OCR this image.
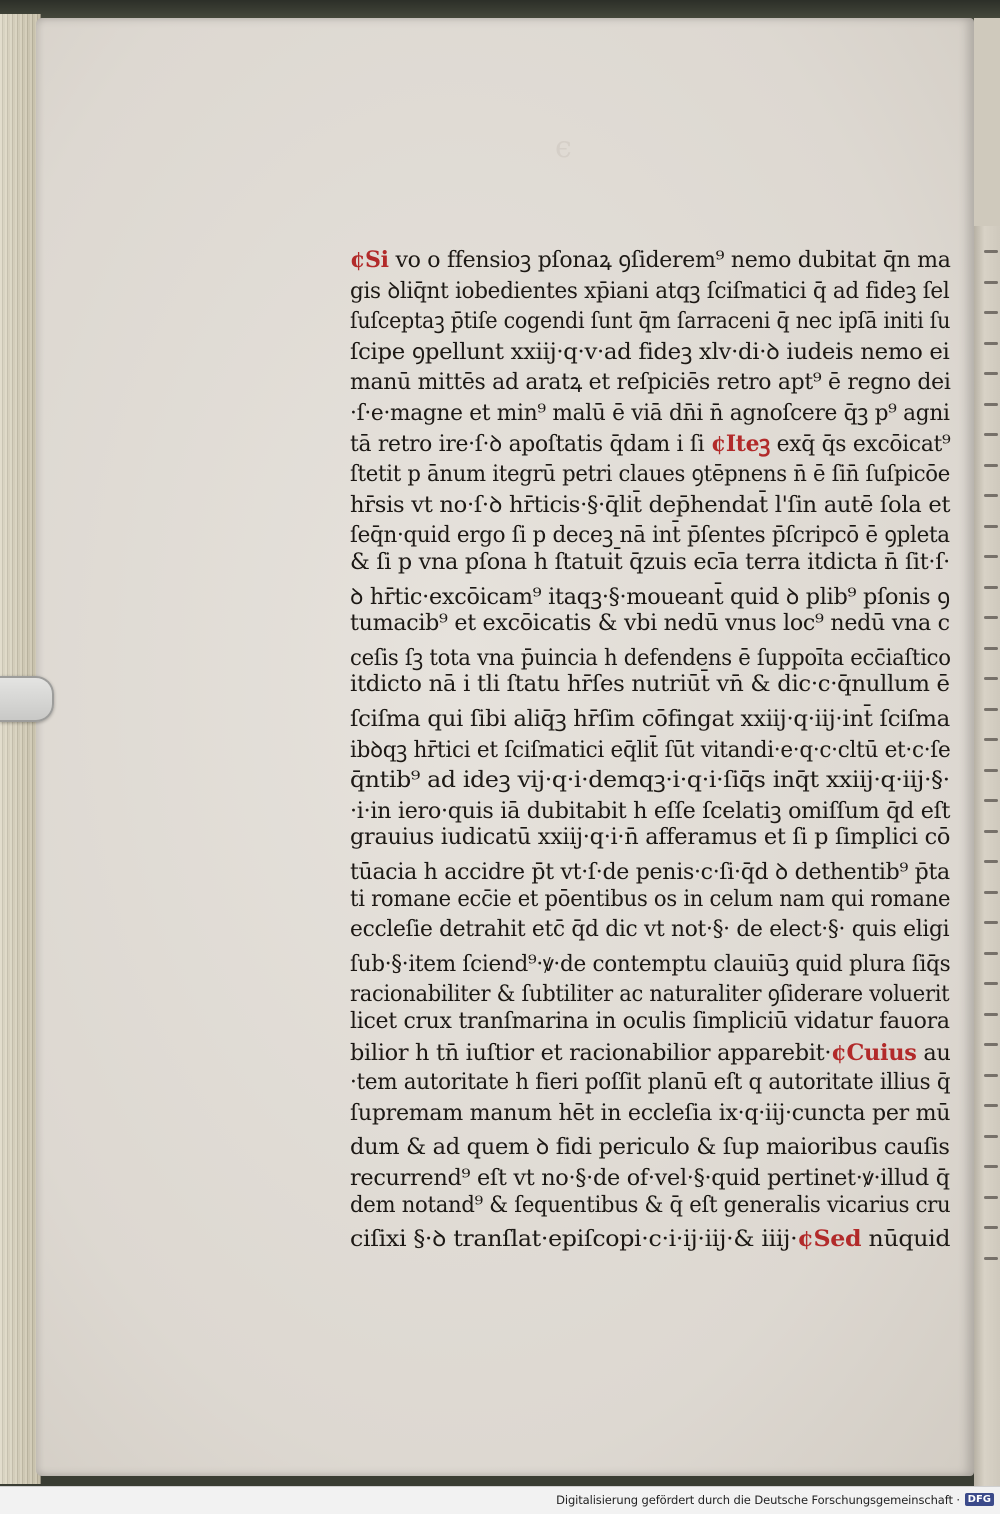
ϵ
¢Si vo o ffensioꝫ pſonaꝝ ꝯſiderem⁹ nemo dubitat q̄n ma
gis ꝺliq̄nt iobedientes xp̄iani atqꝫ ſciſmatici q̄ ad fideꝫ ſel
ſuſceptaꝫ p̄tiſe cogendi ſunt q̄m ſarraceni q̄ nec ipſā initi ſu
ſcipe ꝯpellunt xxiij·q·v·ad fideꝫ xlv·di·ꝺ iudeis nemo ei
manū mittēs ad aratꝝ et reſpiciēs retro apt⁹ ē regno dei
·ſ·e·magne et min⁹ malū ē viā dn̄i n̄ agnoſcere q̄ꝫ p⁹ agni
tā retro ire·ſ·ꝺ apoſtatis q̄dam i ſi ¢Iteꝫ exq̄ q̄s excōicat⁹
ſtetit p ānum itegrū petri claues ꝯtēpnens n̄ ē ſin̄ ſuſpicōe
hr̄sis vt no·ſ·ꝺ hr̄ticis·§·q̄lit̄ dep̄hendat̄ l'ſin autē ſola et
ſeq̄n·quid ergo ſi p deceꝫ nā int̄ p̄ſentes p̄ſcripcō ē ꝯpleta
& ſi p vna pſona h ſtatuit̄ q̄zuis ecīa terra itdicta n̄ ſit·ſ·
ꝺ hr̄tic·excōicam⁹ itaqꝫ·§·moueant̄ quid ꝺ plib⁹ pſonis ꝯ
tumacib⁹ et excōicatis & vbi nedū vnus loc⁹ nedū vna c
ceſis ſꝫ tota vna p̄uincia h defendens ē ſuppoīta ecc̄iaſtico
itdicto nā i tli ſtatu hr̄ſes nutriūt̄ vn̄ & dic·c·q̄nullum ē
ſciſma qui ſibi aliq̄ꝫ hr̄ſim cōfingat xxiij·q·iij·int̄ ſciſma
ibꝺqꝫ hr̄tici et ſciſmatici eq̄lit̄ ſūt vitandi·e·q·c·cltū et·c·ſe
q̄ntib⁹ ad ideꝫ vij·q·i·demqꝫ·i·q·i·ſiq̄s inq̄t xxiij·q·iij·§·
·i·in iero·quis iā dubitabit h eſſe ſcelatiꝫ omiſſum q̄d eſt
grauius iudicatū xxiij·q·i·n̄ afferamus et ſi p ſimplici cō
tūacia h accidre p̄t vt·ſ·de penis·c·ſi·q̄d ꝺ dethentib⁹ p̄ta
ti romane ecc̄ie et pōentibus os in celum nam qui romane
eccleſie detrahit etc̄ q̄d dic vt not·§· de elect·§· quis eligi
ſub·§·item ſciend⁹·ꝟ·de contemptu clauiūꝫ quid plura ſiq̄s
racionabiliter & ſubtiliter ac naturaliter ꝯſiderare voluerit
licet crux tranſmarina in oculis ſimpliciū vidatur fauora
bilior h tn̄ iuſtior et racionabilior apparebit·¢Cuius au
·tem autoritate h fieri poſſit planū eſt q autoritate illius q̄
ſupremam manum hēt in eccleſia ix·q·iij·cuncta per mū
dum & ad quem ꝺ fidi periculo & ſup maioribus cauſis
recurrend⁹ eſt vt no·§·de of·vel·§·quid pertinet·ꝟ·illud q̄
dem notand⁹ & ſequentibus & q̄ eſt generalis vicarius cru
ciſixi §·ꝺ tranſlat·epiſcopi·c·i·ij·iij·& iiij·¢Sed nūquid
Digitalisierung gefördert durch die Deutsche Forschungsgemeinschaft · DFG
